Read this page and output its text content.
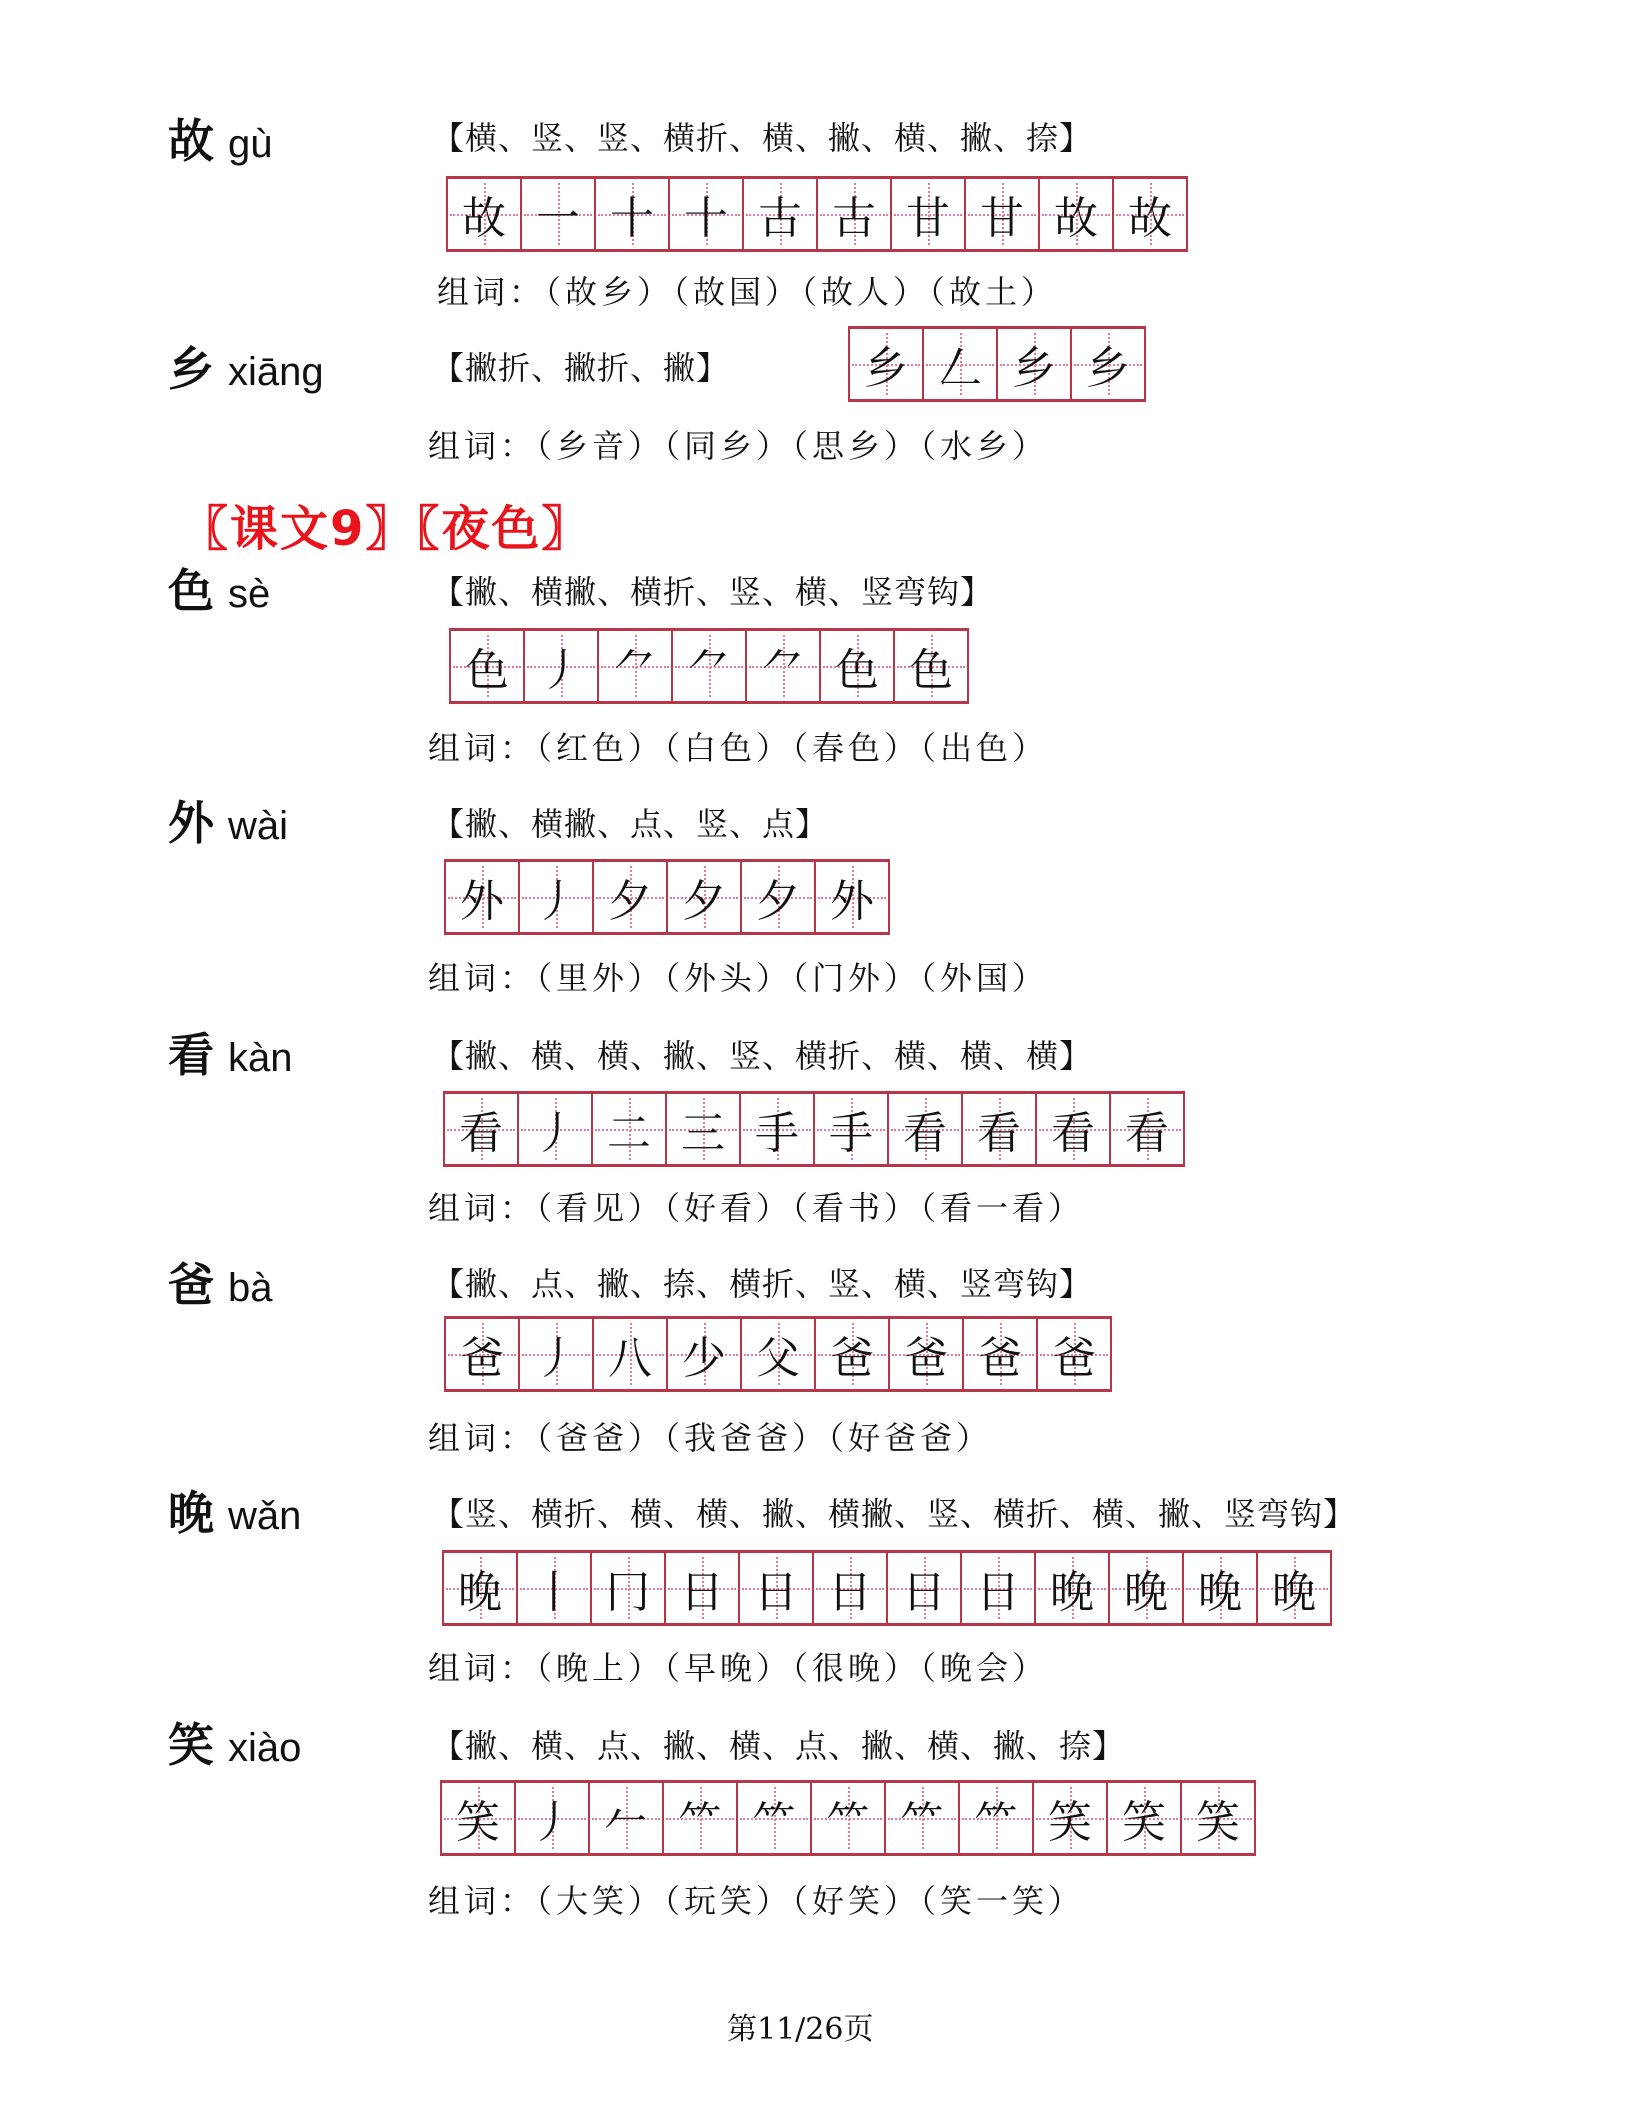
故 gù	【横、竖、竖、横折、横、撇、横、撇、捺】
故 一 十 十 古 古 甘 甘 故 故
组词：（故乡）（故国）（故人）（故土）
乡 xiāng	【撇折、撇折、撇】	乡 𠃋 乡 乡
组词：（乡音）（同乡）（思乡）（水乡）
〖课文9〗〖夜色〗
色 sè	【撇、横撇、横折、竖、横、竖弯钩】
色 丿 ⺈ ⺈ ⺈ 色 色
组词：（红色）（白色）（春色）（出色）
外 wài	【撇、横撇、点、竖、点】
外 丿 夕 夕 夕 外
组词：（里外）（外头）（门外）（外国）
看 kàn	【撇、横、横、撇、竖、横折、横、横、横】
看 丿 二 三 手 手 看 看 看 看
组词：（看见）（好看）（看书）（看一看）
爸 bà	【撇、点、撇、捺、横折、竖、横、竖弯钩】
爸 丿 八 少 父 爸 爸 爸 爸
组词：（爸爸）（我爸爸）（好爸爸）
晚 wǎn	【竖、横折、横、横、撇、横撇、竖、横折、横、撇、竖弯钩】
晚 丨 冂 日 日 日 日 日 晚 晚 晚 晚
组词：（晚上）（早晚）（很晚）（晚会）
笑 xiào	【撇、横、点、撇、横、点、撇、横、撇、捺】
笑 丿 𠂉 ⺮ ⺮ ⺮ ⺮ ⺮ 笑 笑 笑
组词：（大笑）（玩笑）（好笑）（笑一笑）
第11/26页
